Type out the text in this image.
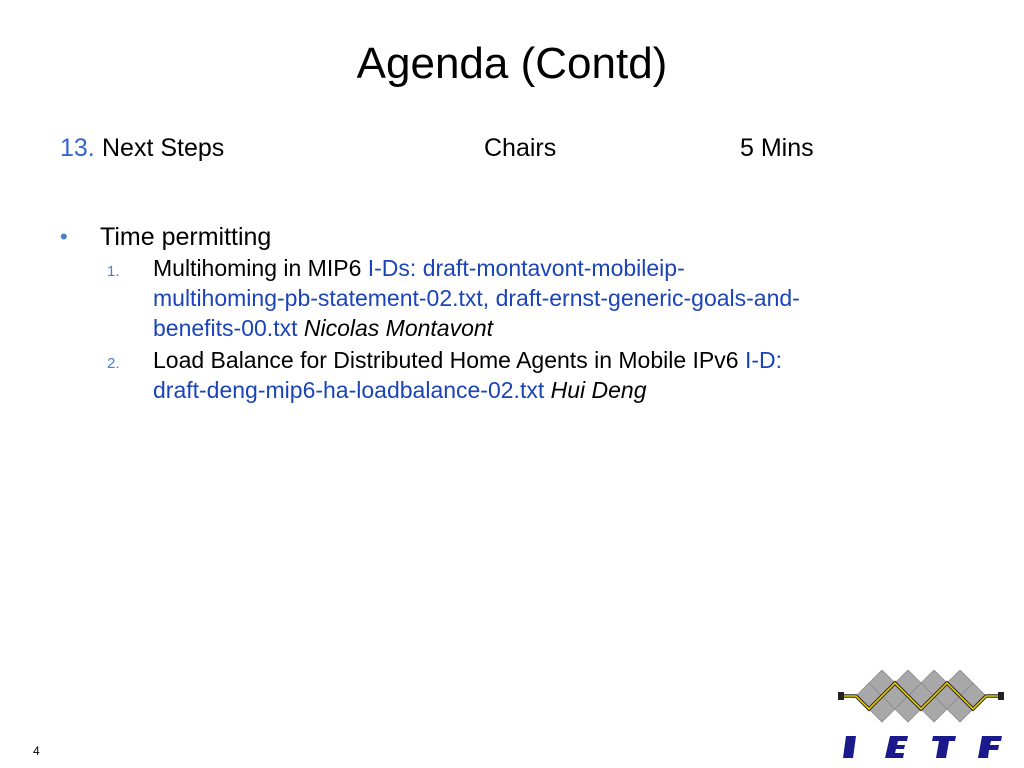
Agenda (Contd)
13. Next Steps	Chairs	5 Mins
• Time permitting
1. Multihoming in MIP6 I-Ds: draft-montavont-mobileip-
multihoming-pb-statement-02.txt, draft-ernst-generic-goals-and-
benefits-00.txt Nicolas Montavont
2. Load Balance for Distributed Home Agents in Mobile IPv6 I-D:
draft-deng-mip6-ha-loadbalance-02.txt Hui Deng
4
